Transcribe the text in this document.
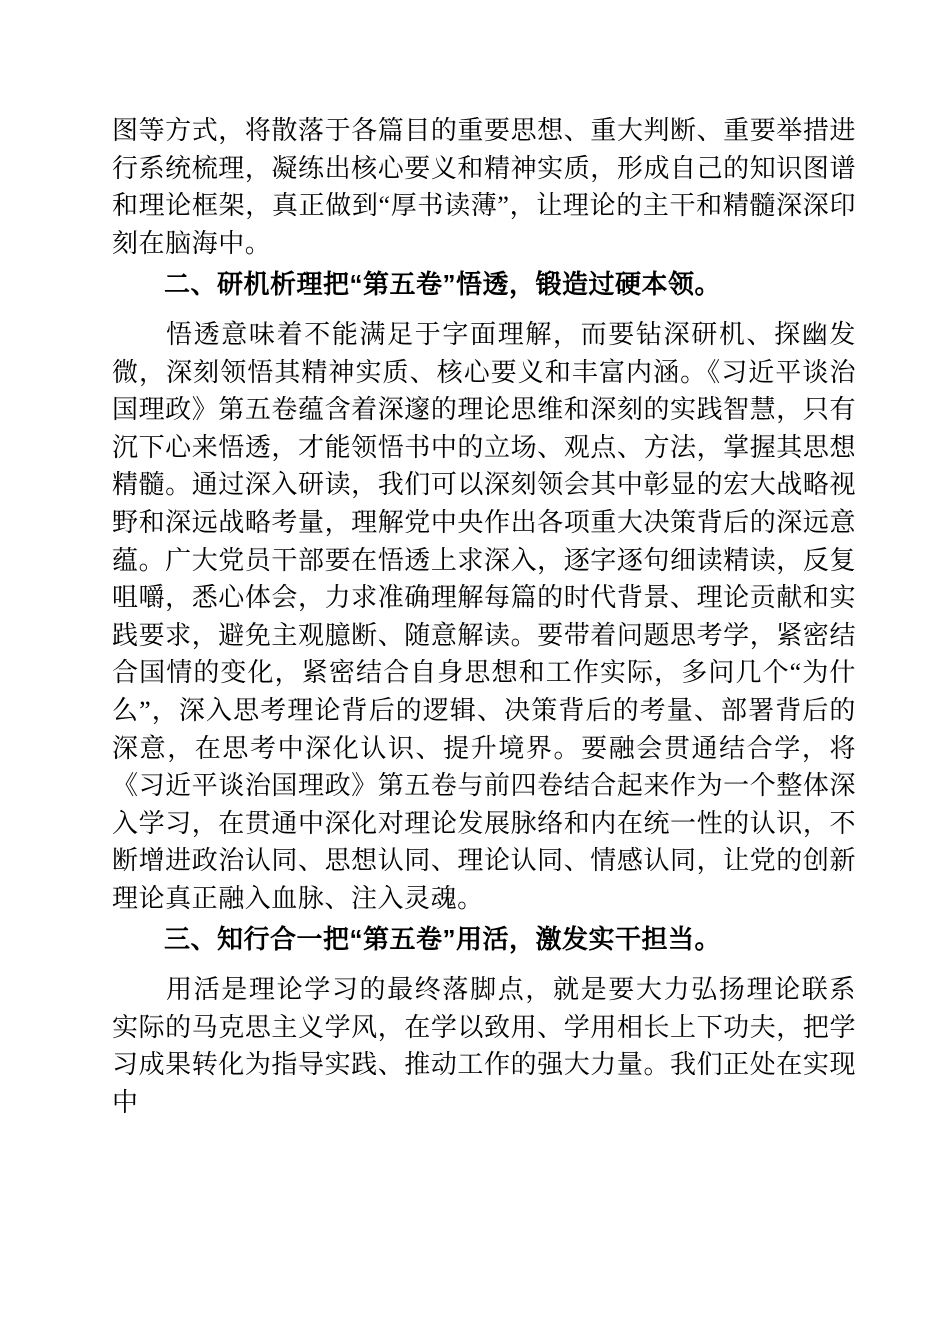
图等方式，将散落于各篇目的重要思想、重大判断、重要举措进行系统梳理，凝练出核心要义和精神实质，形成自己的知识图谱和理论框架，真正做到“厚书读薄”，让理论的主干和精髓深深印刻在脑海中。

二、研机析理把“第五卷”悟透，锻造过硬本领。

悟透意味着不能满足于字面理解，而要钻深研机、探幽发微，深刻领悟其精神实质、核心要义和丰富内涵。《习近平谈治国理政》第五卷蕴含着深邃的理论思维和深刻的实践智慧，只有沉下心来悟透，才能领悟书中的立场、观点、方法，掌握其思想精髓。通过深入研读，我们可以深刻领会其中彰显的宏大战略视野和深远战略考量，理解党中央作出各项重大决策背后的深远意蕴。广大党员干部要在悟透上求深入，逐字逐句细读精读，反复咀嚼，悉心体会，力求准确理解每篇的时代背景、理论贡献和实践要求，避免主观臆断、随意解读。要带着问题思考学，紧密结合国情的变化，紧密结合自身思想和工作实际，多问几个“为什么”，深入思考理论背后的逻辑、决策背后的考量、部署背后的深意，在思考中深化认识、提升境界。要融会贯通结合学，将《习近平谈治国理政》第五卷与前四卷结合起来作为一个整体深入学习，在贯通中深化对理论发展脉络和内在统一性的认识，不断增进政治认同、思想认同、理论认同、情感认同，让党的创新理论真正融入血脉、注入灵魂。

三、知行合一把“第五卷”用活，激发实干担当。

用活是理论学习的最终落脚点，就是要大力弘扬理论联系实际的马克思主义学风，在学以致用、学用相长上下功夫，把学习成果转化为指导实践、推动工作的强大力量。我们正处在实现中
